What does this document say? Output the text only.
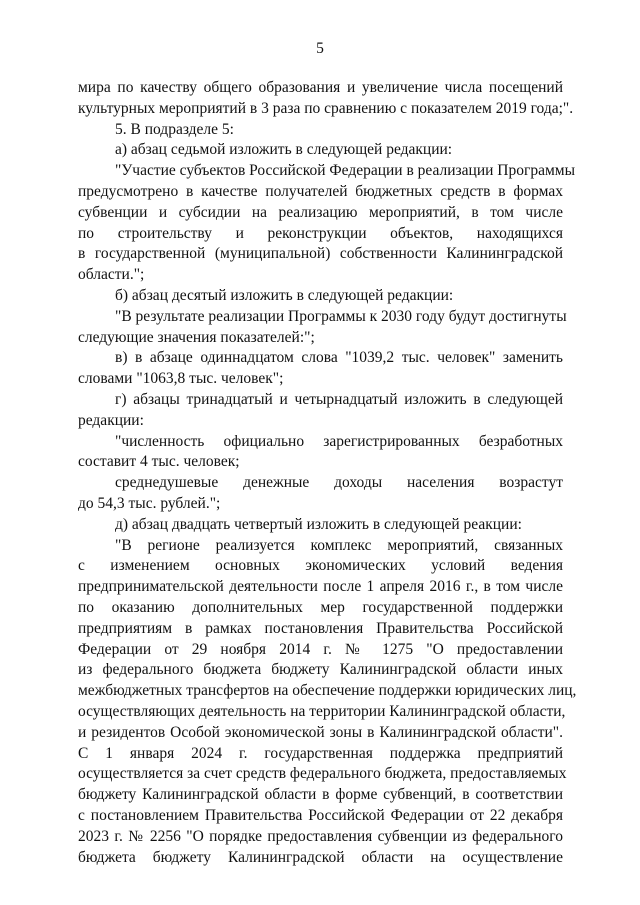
5
мира по качеству общего образования и увеличение числа посещений
культурных мероприятий в 3 раза по сравнению с показателем 2019 года;".
5. В подразделе 5:
а) абзац седьмой изложить в следующей редакции:
"Участие субъектов Российской Федерации в реализации Программы
предусмотрено в качестве получателей бюджетных средств в формах
субвенции и субсидии на реализацию мероприятий, в том числе
по строительству и реконструкции объектов, находящихся
в государственной (муниципальной) собственности Калининградской
области.";
б) абзац десятый изложить в следующей редакции:
"В результате реализации Программы к 2030 году будут достигнуты
следующие значения показателей:";
в) в абзаце одиннадцатом слова "1039,2 тыс. человек" заменить
словами "1063,8 тыс. человек";
г) абзацы тринадцатый и четырнадцатый изложить в следующей
редакции:
"численность официально зарегистрированных безработных
составит 4 тыс. человек;
среднедушевые денежные доходы населения возрастут
до 54,3 тыс. рублей.";
д) абзац двадцать четвертый изложить в следующей реакции:
"В регионе реализуется комплекс мероприятий, связанных
с изменением основных экономических условий ведения
предпринимательской деятельности после 1 апреля 2016 г., в том числе
по оказанию дополнительных мер государственной поддержки
предприятиям в рамках постановления Правительства Российской
Федерации от 29 ноября 2014 г. № 1275 "О предоставлении
из федерального бюджета бюджету Калининградской области иных
межбюджетных трансфертов на обеспечение поддержки юридических лиц,
осуществляющих деятельность на территории Калининградской области,
и резидентов Особой экономической зоны в Калининградской области".
С 1 января 2024 г. государственная поддержка предприятий
осуществляется за счет средств федерального бюджета, предоставляемых
бюджету Калининградской области в форме субвенций, в соответствии
с постановлением Правительства Российской Федерации от 22 декабря
2023 г. № 2256 "О порядке предоставления субвенции из федерального
бюджета бюджету Калининградской области на осуществление
